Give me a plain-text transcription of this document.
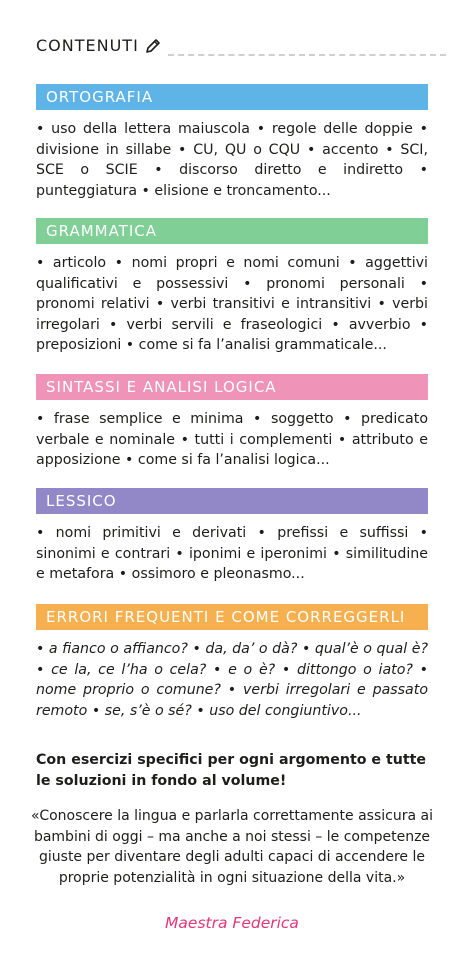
CONTENUTI
ORTOGRAFIA
• uso della lettera maiuscola • regole delle doppie • divisione in sillabe • CU, QU o CQU • accento • SCI, SCE o SCIE • discorso diretto e indiretto • punteggiatura • elisione e troncamento...
GRAMMATICA
• articolo • nomi propri e nomi comuni • aggettivi qualificativi e possessivi • pronomi personali • pronomi relativi • verbi transitivi e intransitivi • verbi irregolari • verbi servili e fraseologici • avverbio • preposizioni • come si fa l’analisi grammaticale...
SINTASSI E ANALISI LOGICA
• frase semplice e minima • soggetto • predicato verbale e nominale • tutti i complementi • attributo e apposizione • come si fa l’analisi logica...
LESSICO
• nomi primitivi e derivati • prefissi e suffissi • sinonimi e contrari • iponimi e iperonimi • similitudine e metafora • ossimoro e pleonasmo...
ERRORI FREQUENTI E COME CORREGGERLI
• a fianco o affianco? • da, da’ o dà? • qual’è o qual è? • ce la, ce l’ha o cela? • e o è? • dittongo o iato? • nome proprio o comune? • verbi irregolari e passato remoto • se, s’è o sé? • uso del congiuntivo...
Con esercizi specifici per ogni argomento e tutte le soluzioni in fondo al volume!
«Conoscere la lingua e parlarla correttamente assicura ai bambini di oggi – ma anche a noi stessi – le competenze giuste per diventare degli adulti capaci di accendere le proprie potenzialità in ogni situazione della vita.»
Maestra Federica
